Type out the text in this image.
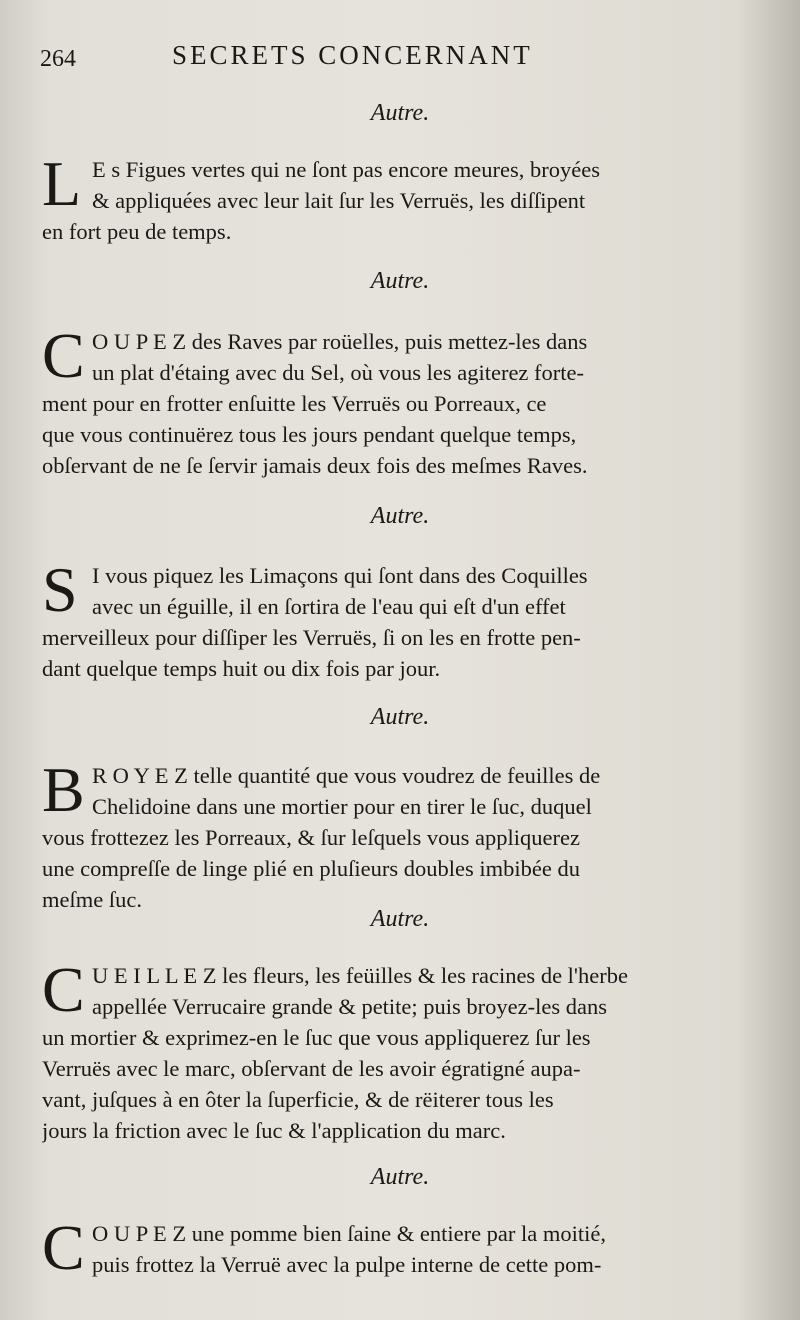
264	SECRETS CONCERNANT
Autre.
L E s Figues vertes qui ne ſont pas encore meures, broyées
& appliquées avec leur lait ſur les Verruës, les diſſipent
en fort peu de temps.
Autre.
C O U P E Z des Raves par roüelles, puis mettez-les dans
un plat d'étaing avec du Sel, où vous les agiterez forte-
ment pour en frotter enſuitte les Verruës ou Porreaux, ce
que vous continuërez tous les jours pendant quelque temps,
obſervant de ne ſe ſervir jamais deux fois des meſmes Raves.
Autre.
S I vous piquez les Limaçons qui ſont dans des Coquilles
avec un éguille, il en ſortira de l'eau qui eſt d'un effet
merveilleux pour diſſiper les Verruës, ſi on les en frotte pen-
dant quelque temps huit ou dix fois par jour.
Autre.
B R O Y E Z telle quantité que vous voudrez de feuilles de
Chelidoine dans une mortier pour en tirer le ſuc, duquel
vous frottezez les Porreaux, & ſur leſquels vous appliquerez
une compreſſe de linge plié en pluſieurs doubles imbibée du
meſme ſuc.
Autre.
C U E I L L E Z les fleurs, les feüilles & les racines de l'herbe
appellée Verrucaire grande & petite; puis broyez-les dans
un mortier & exprimez-en le ſuc que vous appliquerez ſur les
Verruës avec le marc, obſervant de les avoir égratigné aupa-
vant, juſques à en ôter la ſuperficie, & de rëiterer tous les
jours la friction avec le ſuc & l'application du marc.
Autre.
C O U P E Z une pomme bien ſaine & entiere par la moitié,
puis frottez la Verruë avec la pulpe interne de cette pom-
